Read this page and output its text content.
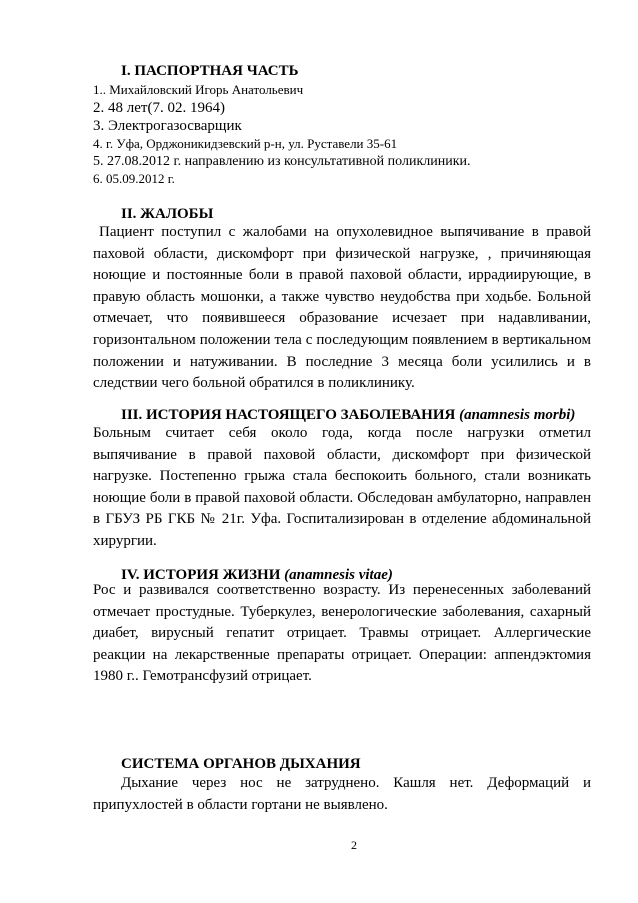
I. ПАСПОРТНАЯ ЧАСТЬ
1.. Михайловский Игорь Анатольевич
2. 48 лет(7. 02. 1964)
3. Электрогазосварщик
4. г. Уфа, Орджоникидзевский р-н, ул. Руставели 35-61
5. 27.08.2012 г. направлению из консультативной поликлиники.
6. 05.09.2012 г.
II. ЖАЛОБЫ
Пациент поступил с жалобами на опухолевидное выпячивание в правой паховой области, дискомфорт при физической нагрузке, , причиняющая ноющие и постоянные боли в правой паховой области, иррадиирующие, в правую область мошонки, а также чувство неудобства при ходьбе. Больной отмечает, что появившееся образование исчезает при надавливании, горизонтальном положении тела с последующим появлением в вертикальном положении и натуживании. В последние 3 месяца боли усилились и в следствии чего больной обратился в поликлинику.
III. ИСТОРИЯ НАСТОЯЩЕГО ЗАБОЛЕВАНИЯ (anamnesis morbi)
Больным считает себя около года, когда после нагрузки отметил выпячивание в правой паховой области, дискомфорт при физической нагрузке. Постепенно грыжа стала беспокоить больного, стали возникать ноющие боли в правой паховой области. Обследован амбулаторно, направлен в ГБУЗ РБ ГКБ № 21г. Уфа. Госпитализирован в отделение абдоминальной хирургии.
IV. ИСТОРИЯ ЖИЗНИ (anamnesis vitae)
Рос и развивался соответственно возрасту. Из перенесенных заболеваний отмечает простудные. Туберкулез, венерологические заболевания, сахарный диабет, вирусный гепатит отрицает. Травмы отрицает. Аллергические реакции на лекарственные препараты отрицает. Операции: аппендэктомия 1980 г.. Гемотрансфузий отрицает.
СИСТЕМА ОРГАНОВ ДЫХАНИЯ
Дыхание через нос не затруднено. Кашля нет. Деформаций и припухлостей в области гортани не выявлено.
2
